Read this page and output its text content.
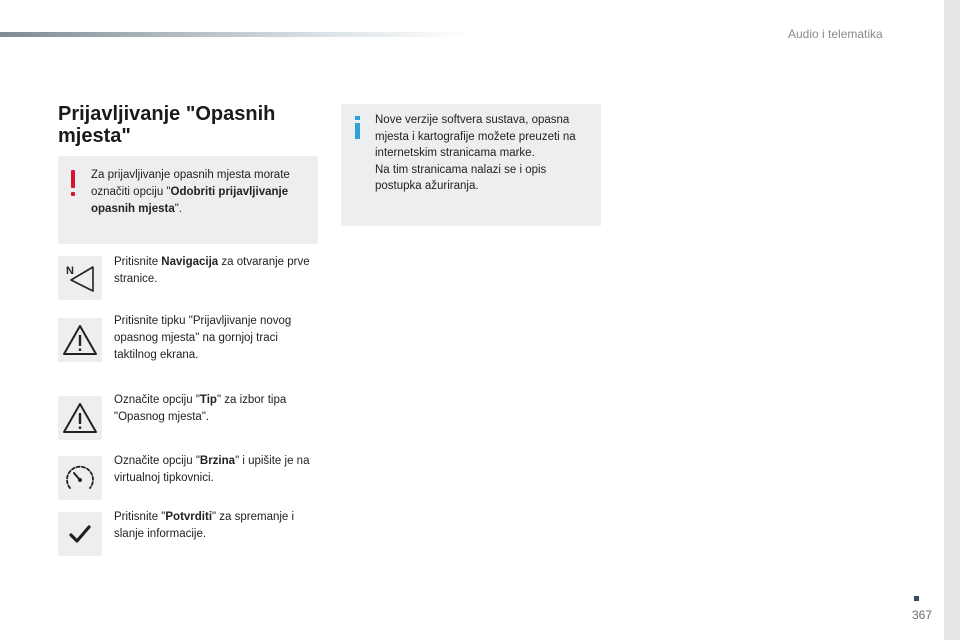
Audio i telematika
Prijavljivanje "Opasnih mjesta"
Za prijavljivanje opasnih mjesta morate označiti opciju "Odobriti prijavljivanje opasnih mjesta".
Nove verzije softvera sustava, opasna mjesta i kartografije možete preuzeti na internetskim stranicama marke.
Na tim stranicama nalazi se i opis postupka ažuriranja.
N
Pritisnite Navigacija za otvaranje prve stranice.
Pritisnite tipku "Prijavljivanje novog opasnog mjesta" na gornjoj traci taktilnog ekrana.
Označite opciju "Tip" za izbor tipa "Opasnog mjesta".
Označite opciju "Brzina" i upišite je na virtualnoj tipkovnici.
Pritisnite "Potvrditi" za spremanje i slanje informacije.
367
